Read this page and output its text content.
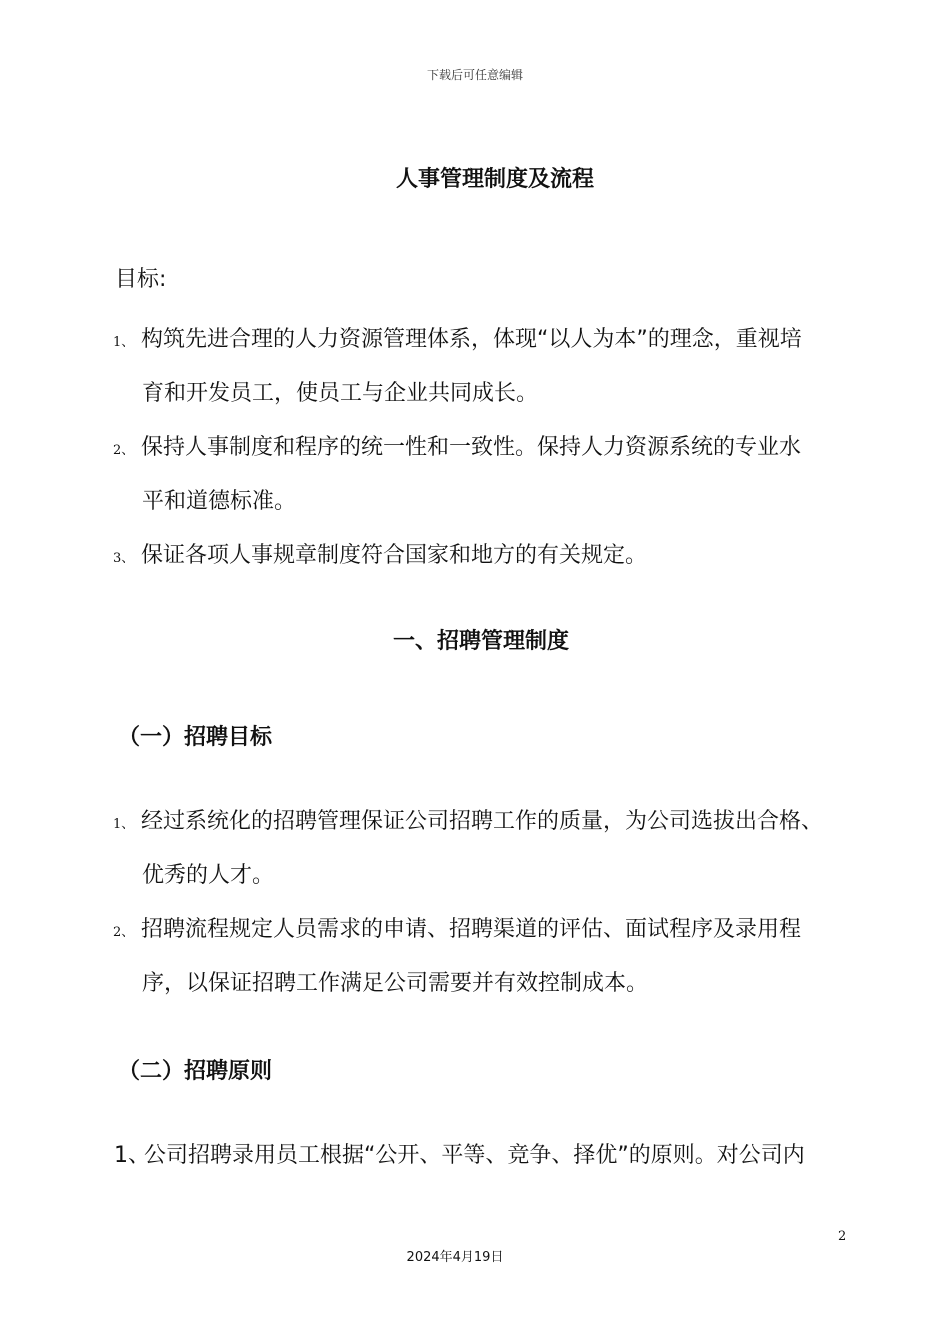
下载后可任意编辑

人事管理制度及流程

目标:

1、 构筑先进合理的人力资源管理体系，体现“以人为本”的理念，重视培

育和开发员工，使员工与企业共同成长。

2、 保持人事制度和程序的统一性和一致性。保持人力资源系统的专业水

平和道德标准。

3、 保证各项人事规章制度符合国家和地方的有关规定。

一、招聘管理制度
（一）招聘目标

1、 经过系统化的招聘管理保证公司招聘工作的质量，为公司选拔出合格、

优秀的人才。

2、 招聘流程规定人员需求的申请、招聘渠道的评估、面试程序及录用程

序，以保证招聘工作满足公司需要并有效控制成本。

（二）招聘原则

1、公司招聘录用员工根据“公开、平等、竞争、择优”的原则。对公司内

2

2024年4月19日
